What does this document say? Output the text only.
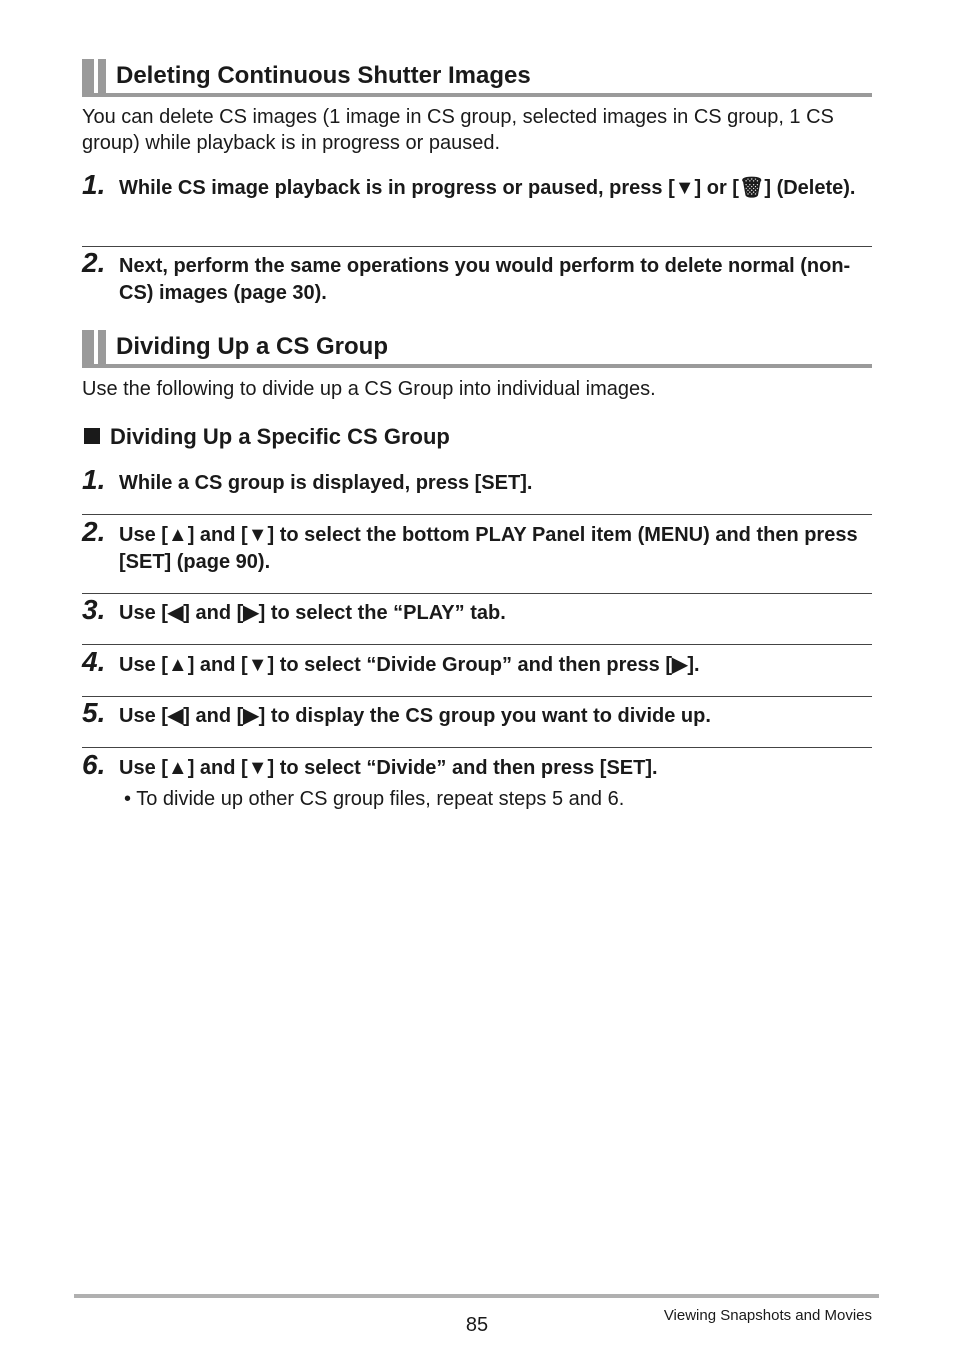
Deleting Continuous Shutter Images
You can delete CS images (1 image in CS group, selected images in CS group, 1 CS group) while playback is in progress or paused.
1. While CS image playback is in progress or paused, press [▼] or [🗑] (Delete).
2. Next, perform the same operations you would perform to delete normal (non-CS) images (page 30).
Dividing Up a CS Group
Use the following to divide up a CS Group into individual images.
Dividing Up a Specific CS Group
1. While a CS group is displayed, press [SET].
2. Use [▲] and [▼] to select the bottom PLAY Panel item (MENU) and then press [SET] (page 90).
3. Use [◀] and [▶] to select the “PLAY” tab.
4. Use [▲] and [▼] to select “Divide Group” and then press [▶].
5. Use [◀] and [▶] to display the CS group you want to divide up.
6. Use [▲] and [▼] to select “Divide” and then press [SET].
• To divide up other CS group files, repeat steps 5 and 6.
85	Viewing Snapshots and Movies
